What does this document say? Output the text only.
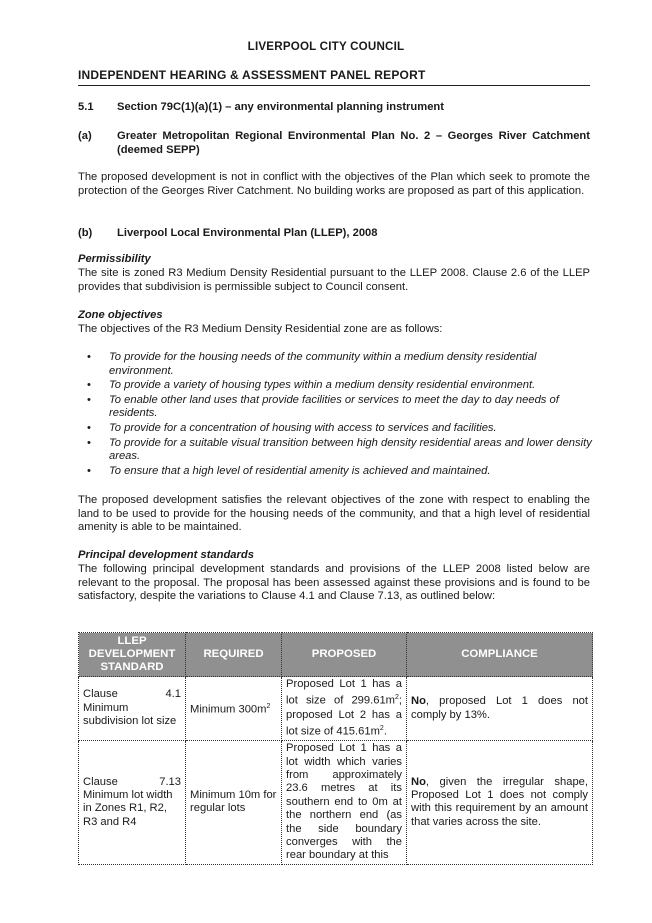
LIVERPOOL CITY COUNCIL
INDEPENDENT HEARING & ASSESSMENT PANEL REPORT
5.1 Section 79C(1)(a)(1) – any environmental planning instrument
(a) Greater Metropolitan Regional Environmental Plan No. 2 – Georges River Catchment (deemed SEPP)
The proposed development is not in conflict with the objectives of the Plan which seek to promote the protection of the Georges River Catchment. No building works are proposed as part of this application.
(b) Liverpool Local Environmental Plan (LLEP), 2008
Permissibility
The site is zoned R3 Medium Density Residential pursuant to the LLEP 2008. Clause 2.6 of the LLEP provides that subdivision is permissible subject to Council consent.
Zone objectives
The objectives of the R3 Medium Density Residential zone are as follows:
• To provide for the housing needs of the community within a medium density residential environment.
• To provide a variety of housing types within a medium density residential environment.
• To enable other land uses that provide facilities or services to meet the day to day needs of residents.
• To provide for a concentration of housing with access to services and facilities.
• To provide for a suitable visual transition between high density residential areas and lower density areas.
• To ensure that a high level of residential amenity is achieved and maintained.
The proposed development satisfies the relevant objectives of the zone with respect to enabling the land to be used to provide for the housing needs of the community, and that a high level of residential amenity is able to be maintained.
Principal development standards
The following principal development standards and provisions of the LLEP 2008 listed below are relevant to the proposal. The proposal has been assessed against these provisions and is found to be satisfactory, despite the variations to Clause 4.1 and Clause 7.13, as outlined below:
LLEP DEVELOPMENT STANDARD	REQUIRED	PROPOSED	COMPLIANCE

Clause 4.1
Minimum subdivision lot size	Minimum $300m^2$	Proposed Lot 1 has a lot size of $299.61m^2$; proposed Lot 2 has a lot size of $415.61m^2$.	No, proposed Lot 1 does not comply by 13%.

Clause 7.13
Minimum lot width in Zones R1, R2, R3 and R4	Minimum 10m for regular lots	Proposed Lot 1 has a lot width which varies from approximately 23.6 metres at its southern end to 0m at the northern end (as the side boundary converges with the rear boundary at this	No, given the irregular shape, Proposed Lot 1 does not comply with this requirement by an amount that varies across the site.
